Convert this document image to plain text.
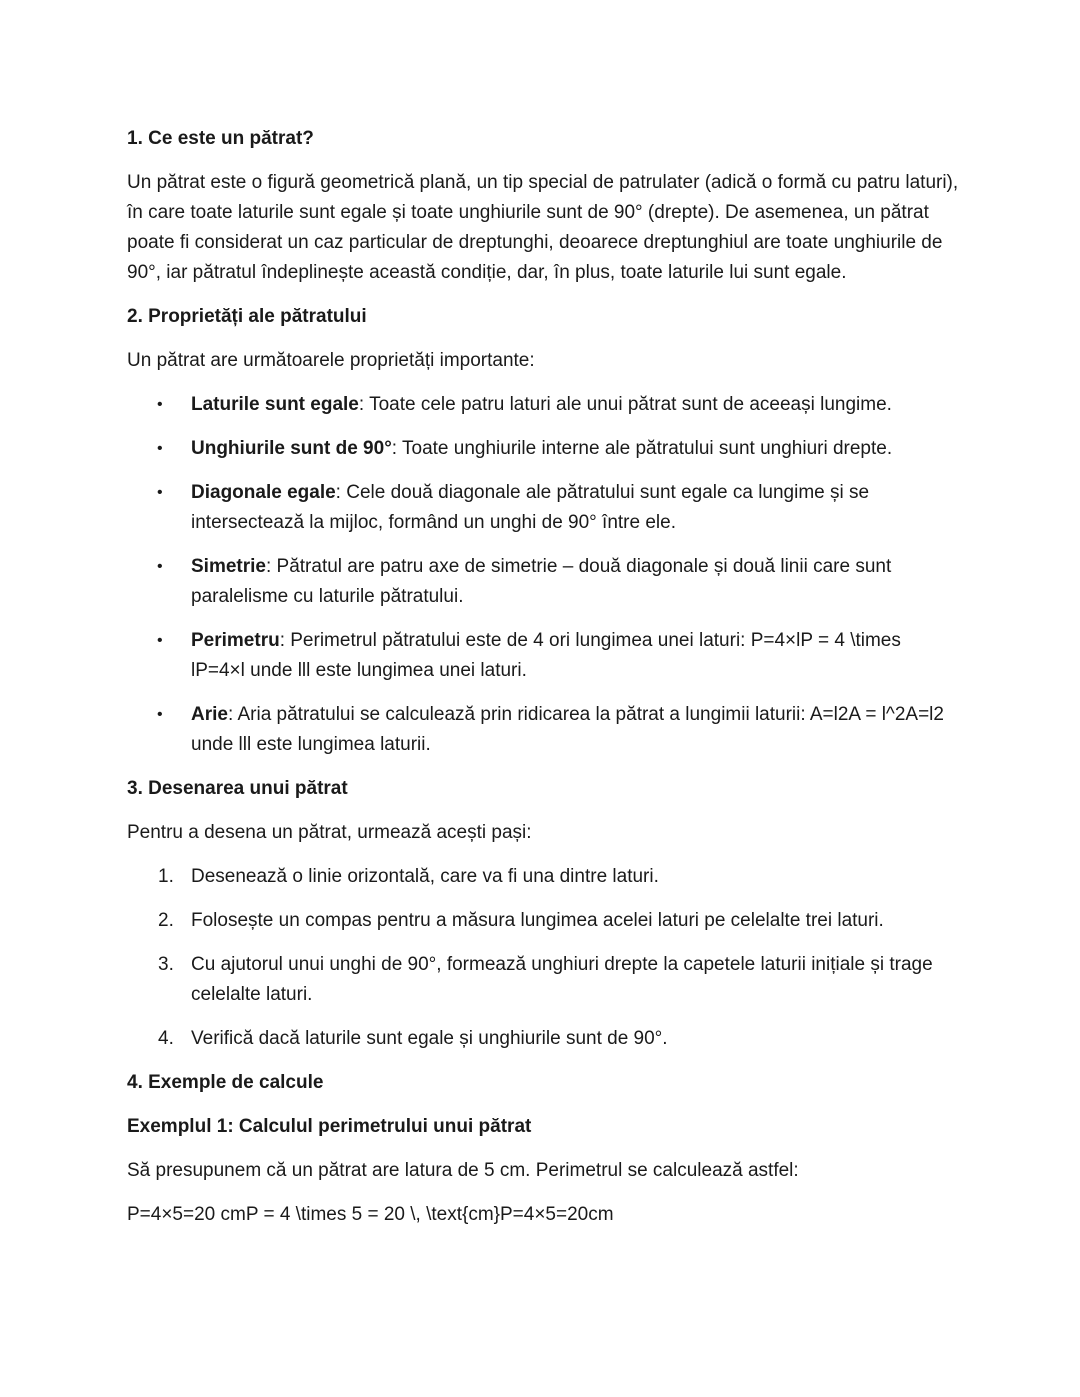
1. Ce este un pătrat?

Un pătrat este o figură geometrică plană, un tip special de patrulater (adică o formă cu patru laturi), în care toate laturile sunt egale și toate unghiurile sunt de 90° (drepte). De asemenea, un pătrat poate fi considerat un caz particular de dreptunghi, deoarece dreptunghiul are toate unghiurile de 90°, iar pătratul îndeplinește această condiție, dar, în plus, toate laturile lui sunt egale.

2. Proprietăți ale pătratului

Un pătrat are următoarele proprietăți importante:

• Laturile sunt egale: Toate cele patru laturi ale unui pătrat sunt de aceeași lungime.
• Unghiurile sunt de 90°: Toate unghiurile interne ale pătratului sunt unghiuri drepte.
• Diagonale egale: Cele două diagonale ale pătratului sunt egale ca lungime și se intersectează la mijloc, formând un unghi de 90° între ele.
• Simetrie: Pătratul are patru axe de simetrie – două diagonale și două linii care sunt paralelisme cu laturile pătratului.
• Perimetru: Perimetrul pătratului este de 4 ori lungimea unei laturi: P=4×lP = 4 \times lP=4×l unde lll este lungimea unei laturi.
• Arie: Aria pătratului se calculează prin ridicarea la pătrat a lungimii laturii: A=l2A = l^2A=l2 unde lll este lungimea laturii.
3. Desenarea unui pătrat

Pentru a desena un pătrat, urmează acești pași:

1. Desenează o linie orizontală, care va fi una dintre laturi.
2. Folosește un compas pentru a măsura lungimea acelei laturi pe celelalte trei laturi.
3. Cu ajutorul unui unghi de 90°, formează unghiuri drepte la capetele laturii inițiale și trage celelalte laturi.
4. Verifică dacă laturile sunt egale și unghiurile sunt de 90°.
4. Exemple de calcule
Exemplul 1: Calculul perimetrului unui pătrat

Să presupunem că un pătrat are latura de 5 cm. Perimetrul se calculează astfel:

P=4×5=20 cmP = 4 \times 5 = 20 \, \text{cm}P=4×5=20cm
